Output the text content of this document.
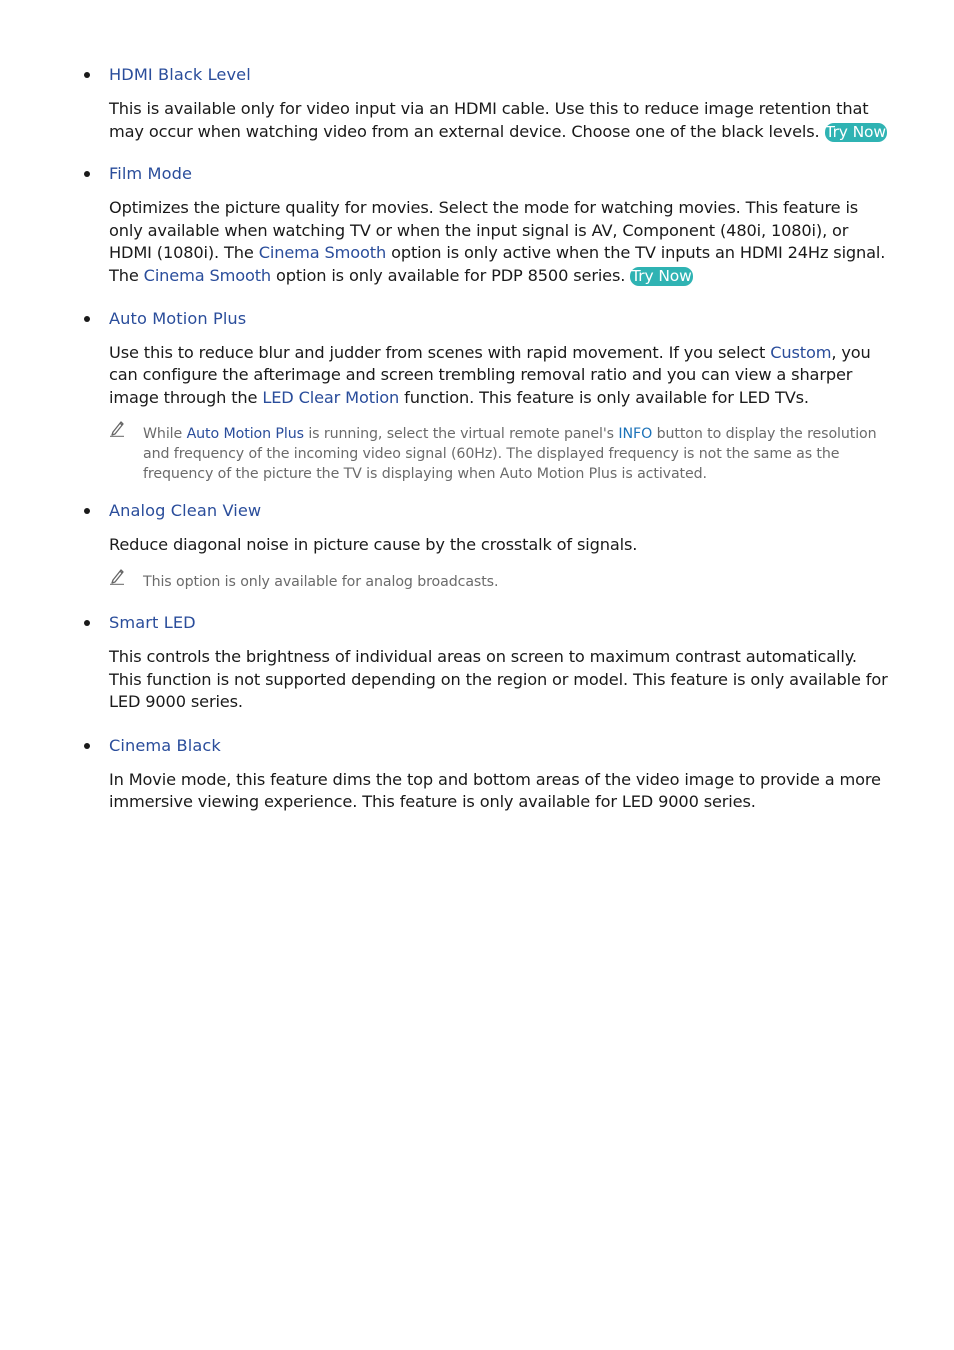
HDMI Black Level
This is available only for video input via an HDMI cable. Use this to reduce image retention that may occur when watching video from an external device. Choose one of the black levels. Try Now
Film Mode
Optimizes the picture quality for movies. Select the mode for watching movies. This feature is only available when watching TV or when the input signal is AV, Component (480i, 1080i), or HDMI (1080i). The Cinema Smooth option is only active when the TV inputs an HDMI 24Hz signal. The Cinema Smooth option is only available for PDP 8500 series. Try Now
Auto Motion Plus
Use this to reduce blur and judder from scenes with rapid movement. If you select Custom, you can configure the afterimage and screen trembling removal ratio and you can view a sharper image through the LED Clear Motion function. This feature is only available for LED TVs.
While Auto Motion Plus is running, select the virtual remote panel's INFO button to display the resolution and frequency of the incoming video signal (60Hz). The displayed frequency is not the same as the frequency of the picture the TV is displaying when Auto Motion Plus is activated.
Analog Clean View
Reduce diagonal noise in picture cause by the crosstalk of signals.
This option is only available for analog broadcasts.
Smart LED
This controls the brightness of individual areas on screen to maximum contrast automatically. This function is not supported depending on the region or model. This feature is only available for LED 9000 series.
Cinema Black
In Movie mode, this feature dims the top and bottom areas of the video image to provide a more immersive viewing experience. This feature is only available for LED 9000 series.
